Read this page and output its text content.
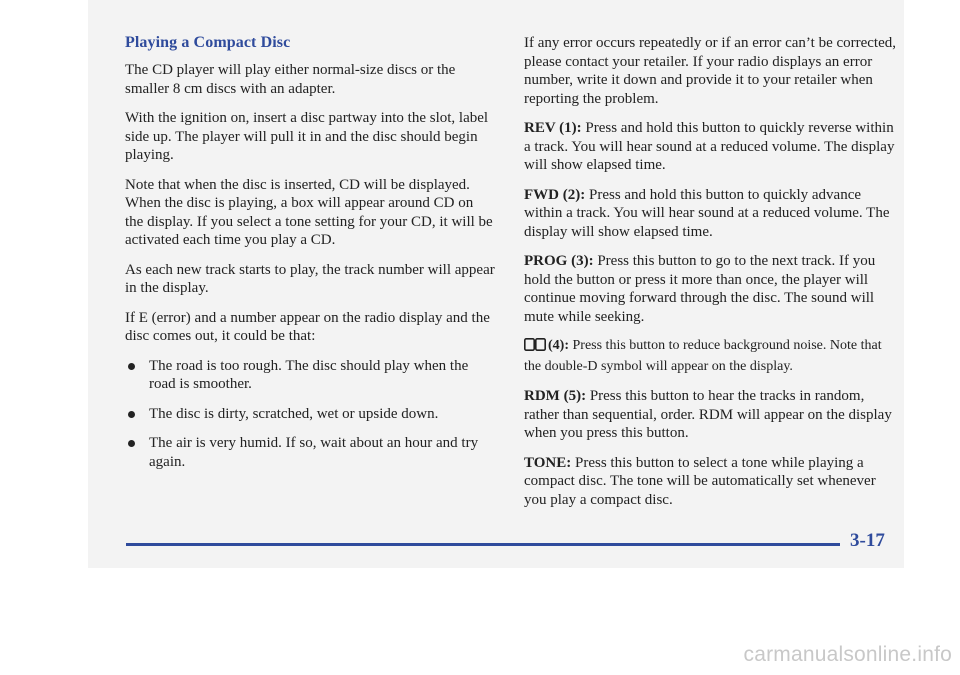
Playing a Compact Disc

The CD player will play either normal-size discs or the smaller 8 cm discs with an adapter.

With the ignition on, insert a disc partway into the slot, label side up. The player will pull it in and the disc should begin playing.

Note that when the disc is inserted, CD will be displayed. When the disc is playing, a box will appear around CD on the display. If you select a tone setting for your CD, it will be activated each time you play a CD.

As each new track starts to play, the track number will appear in the display.

If E (error) and a number appear on the radio display and the disc comes out, it could be that:

The road is too rough. The disc should play when the road is smoother.
The disc is dirty, scratched, wet or upside down.
The air is very humid. If so, wait about an hour and try again.

If any error occurs repeatedly or if an error can’t be corrected, please contact your retailer. If your radio displays an error number, write it down and provide it to your retailer when reporting the problem.

REV (1): Press and hold this button to quickly reverse within a track. You will hear sound at a reduced volume. The display will show elapsed time.

FWD (2): Press and hold this button to quickly advance within a track. You will hear sound at a reduced volume. The display will show elapsed time.

PROG (3): Press this button to go to the next track. If you hold the button or press it more than once, the player will continue moving forward through the disc. The sound will mute while seeking.

(4): Press this button to reduce background noise. Note that the double-D symbol will appear on the display.

RDM (5): Press this button to hear the tracks in random, rather than sequential, order. RDM will appear on the display when you press this button.

TONE: Press this button to select a tone while playing a compact disc. The tone will be automatically set whenever you play a compact disc.

3-17
carmanualsonline.info
